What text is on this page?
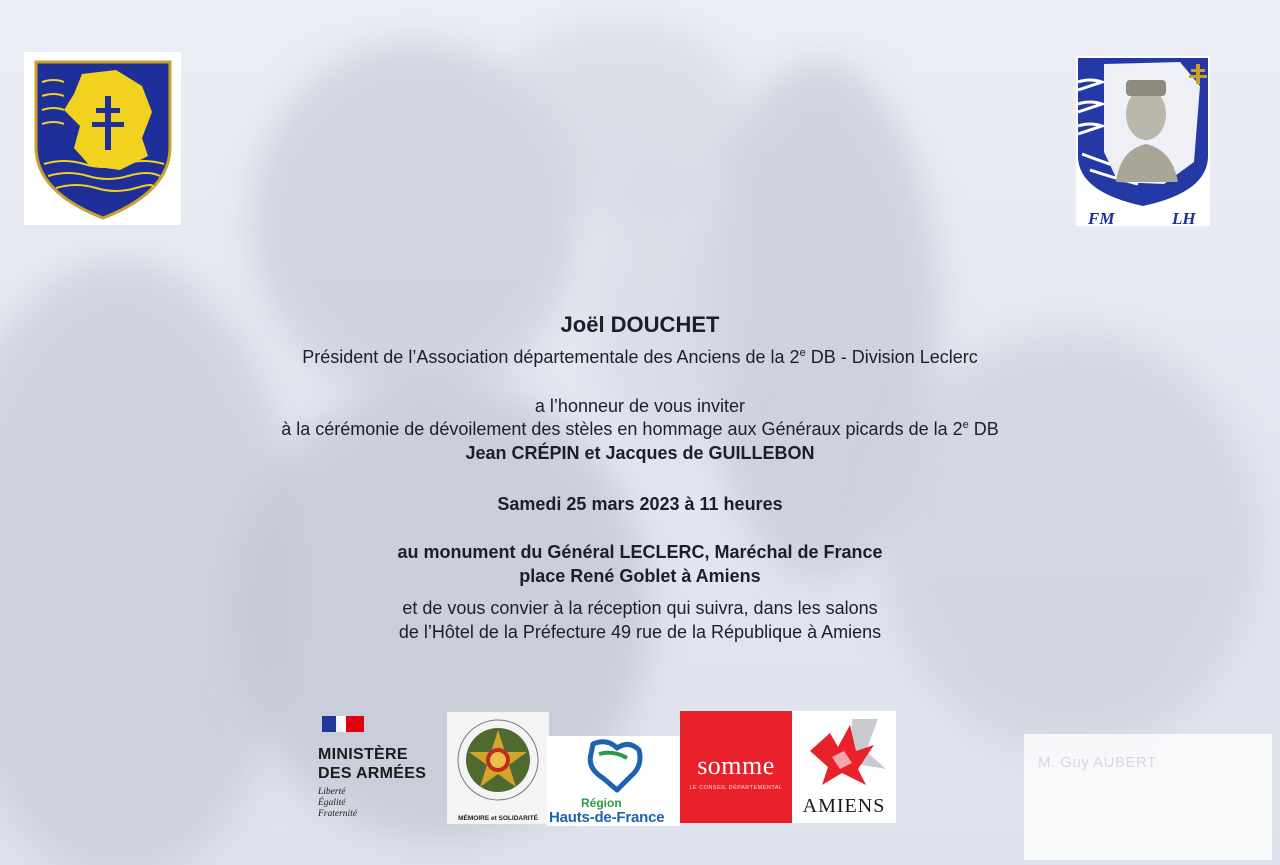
FM	LH
Joël DOUCHET
Président de l’Association départementale des Anciens de la 2e DB - Division Leclerc
a l’honneur de vous inviter
à la cérémonie de dévoilement des stèles en hommage aux Généraux picards de la 2e DB
Jean CRÉPIN et Jacques de GUILLEBON
Samedi 25 mars 2023 à 11 heures
au monument du Général LECLERC, Maréchal de France
place René Goblet à Amiens
et de vous convier à la réception qui suivra, dans les salons
de l’Hôtel de la Préfecture 49 rue de la République à Amiens
MINISTÈRE
DES ARMÉES
Liberté
Égalité
Fraternité	MÉMOIRE et SOLIDARITÉ
Région
Hauts-de-France
somme
LE CONSEIL DÉPARTEMENTAL
AMIENS
M. Guy AUBERT
